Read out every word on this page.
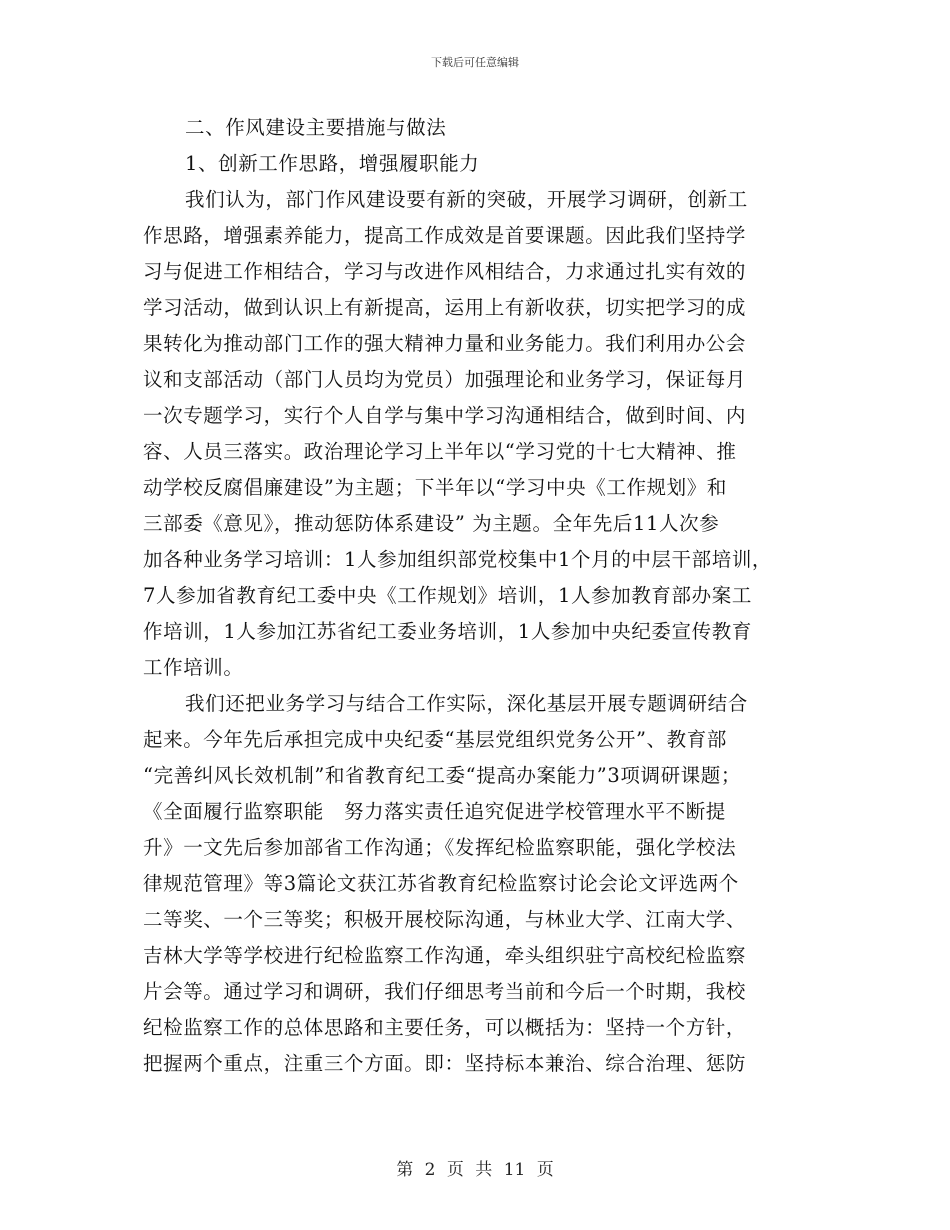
下载后可任意编辑
二、作风建设主要措施与做法
1、创新工作思路，增强履职能力
我们认为，部门作风建设要有新的突破，开展学习调研，创新工
作思路，增强素养能力，提高工作成效是首要课题。因此我们坚持学
习与促进工作相结合，学习与改进作风相结合，力求通过扎实有效的
学习活动，做到认识上有新提高，运用上有新收获，切实把学习的成
果转化为推动部门工作的强大精神力量和业务能力。我们利用办公会
议和支部活动（部门人员均为党员）加强理论和业务学习，保证每月
一次专题学习，实行个人自学与集中学习沟通相结合，做到时间、内
容、人员三落实。政治理论学习上半年以“学习党的十七大精神、推
动学校反腐倡廉建设”为主题；下半年以“学习中央《工作规划》和
三部委《意见》，推动惩防体系建设” 为主题。全年先后11人次参
加各种业务学习培训：1人参加组织部党校集中1个月的中层干部培训，
7人参加省教育纪工委中央《工作规划》培训，1人参加教育部办案工
作培训，1人参加江苏省纪工委业务培训，1人参加中央纪委宣传教育
工作培训。
我们还把业务学习与结合工作实际，深化基层开展专题调研结合
起来。今年先后承担完成中央纪委“基层党组织党务公开”、教育部
“完善纠风长效机制”和省教育纪工委“提高办案能力”3项调研课题；
《全面履行监察职能　努力落实责任追究促进学校管理水平不断提
升》一文先后参加部省工作沟通；《发挥纪检监察职能，强化学校法
律规范管理》等3篇论文获江苏省教育纪检监察讨论会论文评选两个
二等奖、一个三等奖；积极开展校际沟通，与林业大学、江南大学、
吉林大学等学校进行纪检监察工作沟通，牵头组织驻宁高校纪检监察
片会等。通过学习和调研，我们仔细思考当前和今后一个时期，我校
纪检监察工作的总体思路和主要任务，可以概括为：坚持一个方针，
把握两个重点，注重三个方面。即：坚持标本兼治、综合治理、惩防
第 2 页 共 11 页
